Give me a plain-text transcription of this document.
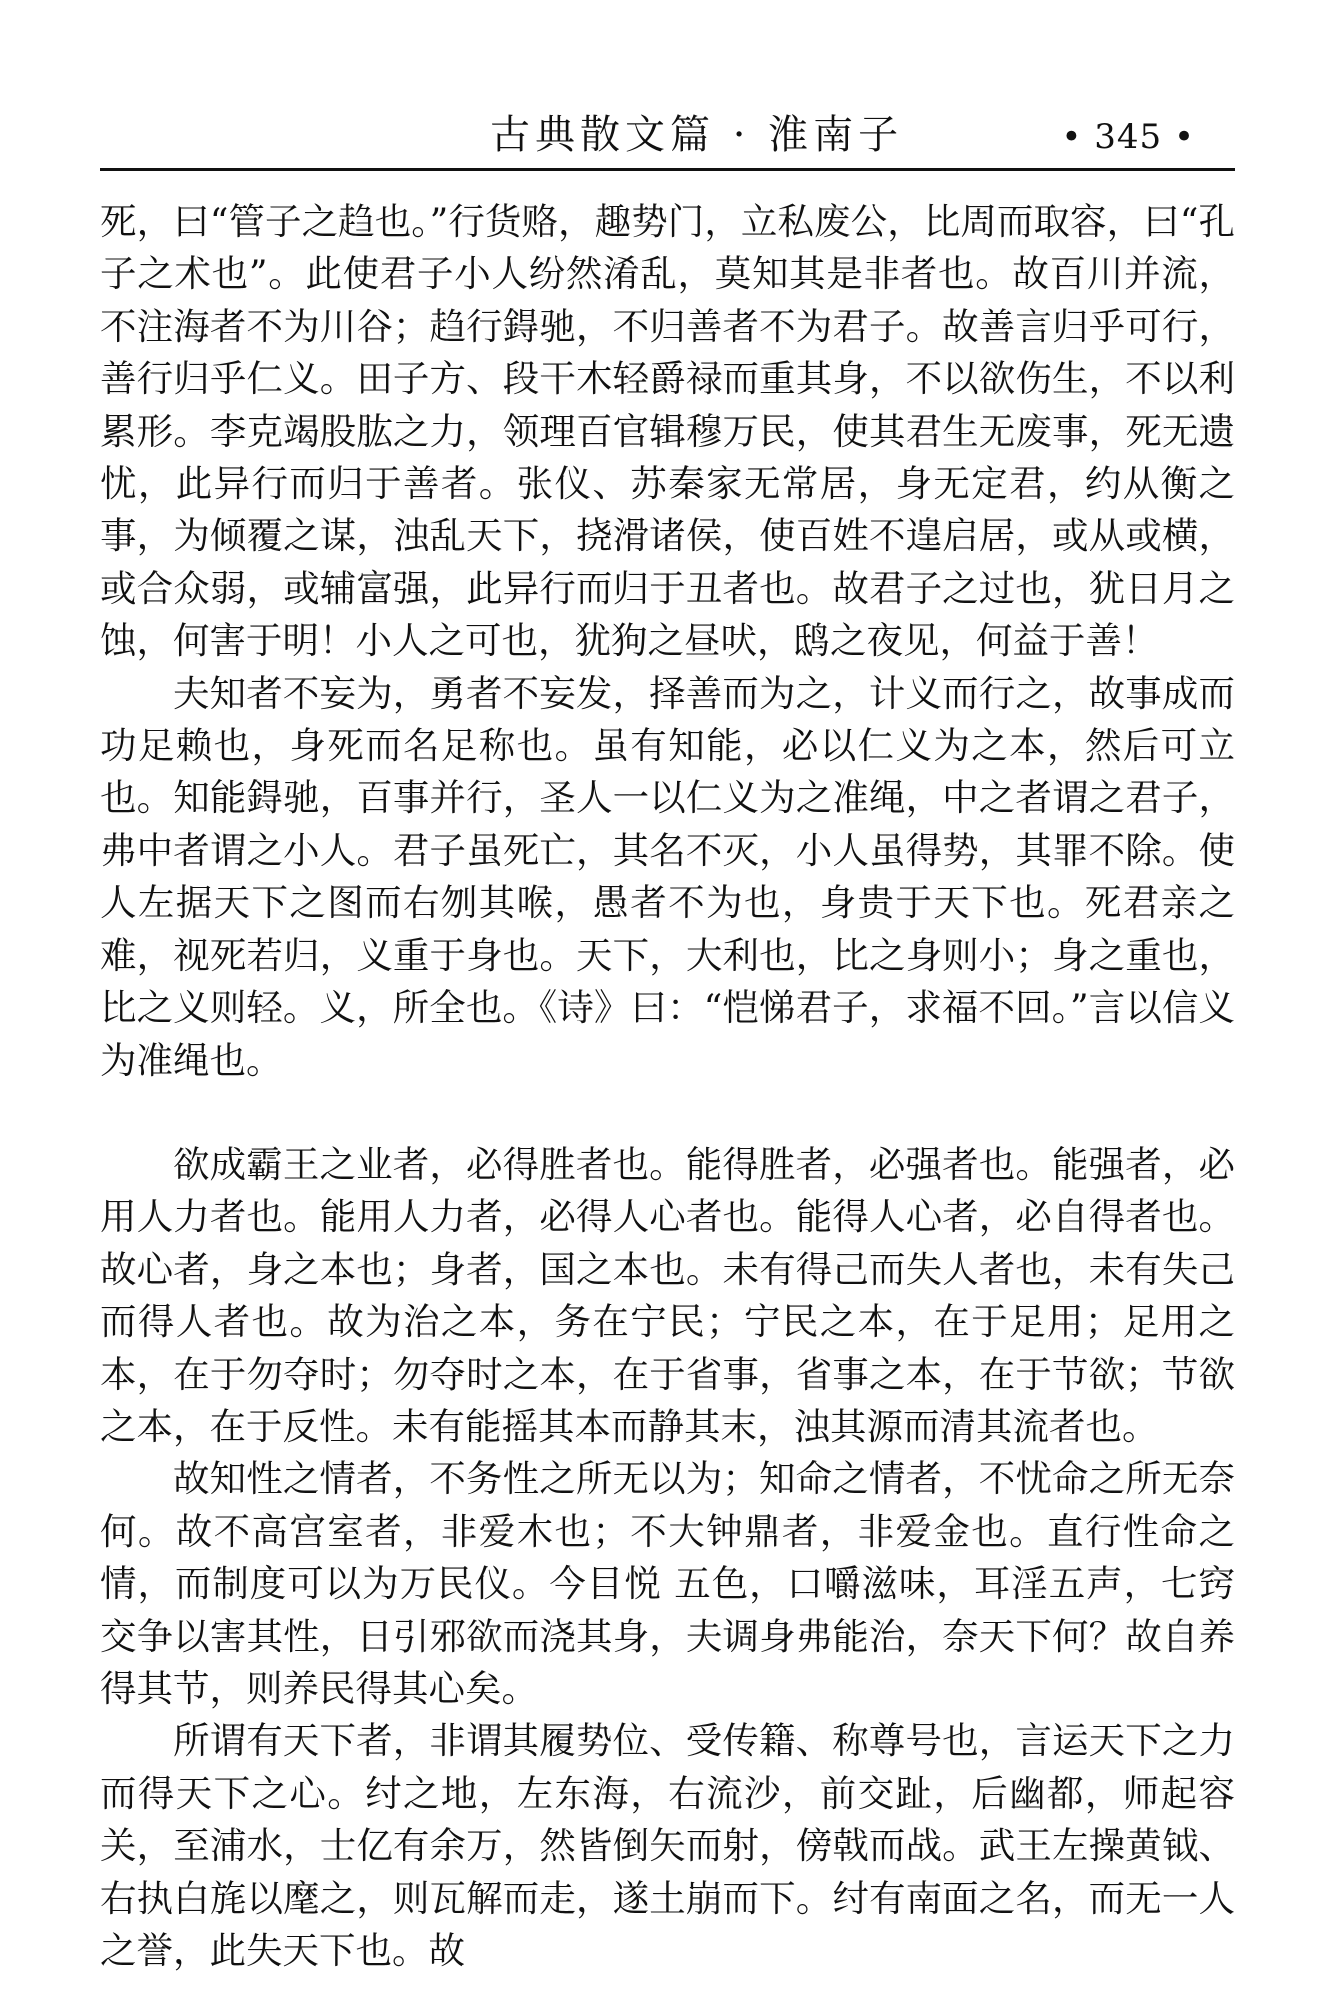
古典散文篇 · 淮南子	• 345 •

死，曰“管子之趋也。”行货赂，趣势门，立私废公，比周而取容，曰“孔子之术也”。此使君子小人纷然淆乱，莫知其是非者也。故百川并流，不注海者不为川谷；趋行鍀驰，不归善者不为君子。故善言归乎可行，善行归乎仁义。田子方、段干木轻爵禄而重其身，不以欲伤生，不以利累形。李克竭股肱之力，领理百官辑穆万民，使其君生无废事，死无遗忧，此异行而归于善者。张仪、苏秦家无常居，身无定君，约从衡之事，为倾覆之谋，浊乱天下，挠滑诸侯，使百姓不遑启居，或从或横，或合众弱，或辅富强，此异行而归于丑者也。故君子之过也，犹日月之蚀，何害于明！小人之可也，犹狗之昼吠，鸱之夜见，何益于善！

夫知者不妄为，勇者不妄发，择善而为之，计义而行之，故事成而功足赖也，身死而名足称也。虽有知能，必以仁义为之本，然后可立也。知能鍀驰，百事并行，圣人一以仁义为之准绳，中之者谓之君子，弗中者谓之小人。君子虽死亡，其名不灭，小人虽得势，其罪不除。使人左据天下之图而右刎其喉，愚者不为也，身贵于天下也。死君亲之难，视死若归，义重于身也。天下，大利也，比之身则小；身之重也，比之义则轻。义，所全也。《诗》曰：“恺悌君子，求福不回。”言以信义为准绳也。

欲成霸王之业者，必得胜者也。能得胜者，必强者也。能强者，必用人力者也。能用人力者，必得人心者也。能得人心者，必自得者也。故心者，身之本也；身者，国之本也。未有得己而失人者也，未有失己而得人者也。故为治之本，务在宁民；宁民之本，在于足用；足用之本，在于勿夺时；勿夺时之本，在于省事，省事之本，在于节欲；节欲之本，在于反性。未有能摇其本而静其末，浊其源而清其流者也。

故知性之情者，不务性之所无以为；知命之情者，不忧命之所无奈何。故不高宫室者，非爱木也；不大钟鼎者，非爱金也。直行性命之情，而制度可以为万民仪。今目悦 五色，口嚼滋味，耳淫五声，七窍交争以害其性，日引邪欲而浇其身，夫调身弗能治，奈天下何？故自养得其节，则养民得其心矣。

所谓有天下者，非谓其履势位、受传籍、称尊号也，言运天下之力而得天下之心。纣之地，左东海，右流沙，前交趾，后幽都，师起容关，至浦水，士亿有余万，然皆倒矢而射，傍戟而战。武王左操黄钺、右执白旄以麾之，则瓦解而走，遂土崩而下。纣有南面之名，而无一人之誉，此失天下也。故
